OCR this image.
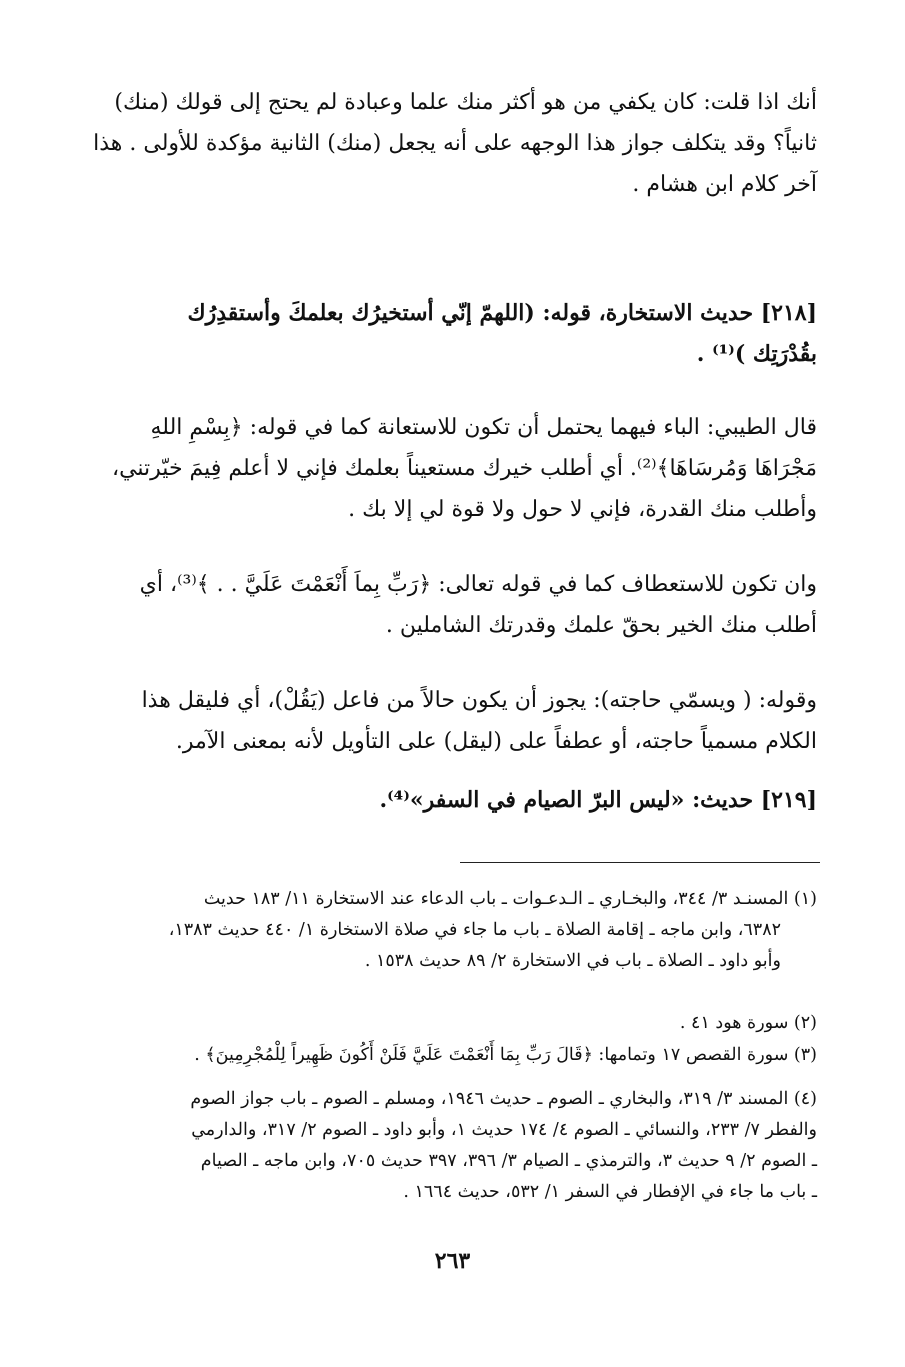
أنك اذا قلت: كان يكفي من هو أكثر منك علما وعبادة لم يحتج إلى قولك (منك)
ثانياً؟ وقد يتكلف جواز هذا الوجهه على أنه يجعل (منك) الثانية مؤكدة للأولى . هذا
آخر كلام ابن هشام .
[٢١٨] حديث الاستخارة، قوله: (اللهمّ إنّي أستخيرُك بعلمكَ وأستقدِرُك
بقُدْرَتِك )⁽¹⁾ .
قال الطيبي: الباء فيهما يحتمل أن تكون للاستعانة كما في قوله: ﴿بِسْمِ اللهِ
مَجْرَاهَا وَمُرسَاهَا﴾⁽²⁾. أي أطلب خيرك مستعيناً بعلمك فإني لا أعلم فِيمَ خيّرتني،
وأطلب منك القدرة، فإني لا حول ولا قوة لي إلا بك .
وان تكون للاستعطاف كما في قوله تعالى: ﴿رَبِّ بِماَ أَنْعَمْتَ عَلَيَّ . . ﴾⁽³⁾، أي
أطلب منك الخير بحقّ علمك وقدرتك الشاملين .
وقوله: ( ويسمّي حاجته): يجوز أن يكون حالاً من فاعل (يَقُلْ)، أي فليقل هذا
الكلام مسمياً حاجته، أو عطفاً على (ليقل) على التأويل لأنه بمعنى الآمر.
[٢١٩] حديث: «ليس البرّ الصيام في السفر»⁽⁴⁾.
(١) المسنـد ٣/ ٣٤٤، والبخـاري ـ الـدعـوات ـ باب الدعاء عند الاستخارة ١١/ ١٨٣ حديث
٦٣٨٢، وابن ماجه ـ إقامة الصلاة ـ باب ما جاء في صلاة الاستخارة ١/ ٤٤٠ حديث ١٣٨٣،
وأبو داود ـ الصلاة ـ باب في الاستخارة ٢/ ٨٩ حديث ١٥٣٨ .
(٢) سورة هود ٤١ .
(٣) سورة القصص ١٧ وتمامها: ﴿قَالَ رَبِّ بِمَا أَنْعَمْتَ عَلَيَّ فَلَنْ أَكُونَ ظَهِيراً لِلْمُجْرِمِينَ﴾ .
(٤) المسند ٣/ ٣١٩، والبخاري ـ الصوم ـ حديث ١٩٤٦، ومسلم ـ الصوم ـ باب جواز الصوم
والفطر ٧/ ٢٣٣، والنسائي ـ الصوم ٤/ ١٧٤ حديث ١، وأبو داود ـ الصوم ٢/ ٣١٧، والدارمي
ـ الصوم ٢/ ٩ حديث ٣، والترمذي ـ الصيام ٣/ ٣٩٦، ٣٩٧ حديث ٧٠٥، وابن ماجه ـ الصيام
ـ باب ما جاء في الإفطار في السفر ١/ ٥٣٢، حديث ١٦٦٤ .
٢٦٣
